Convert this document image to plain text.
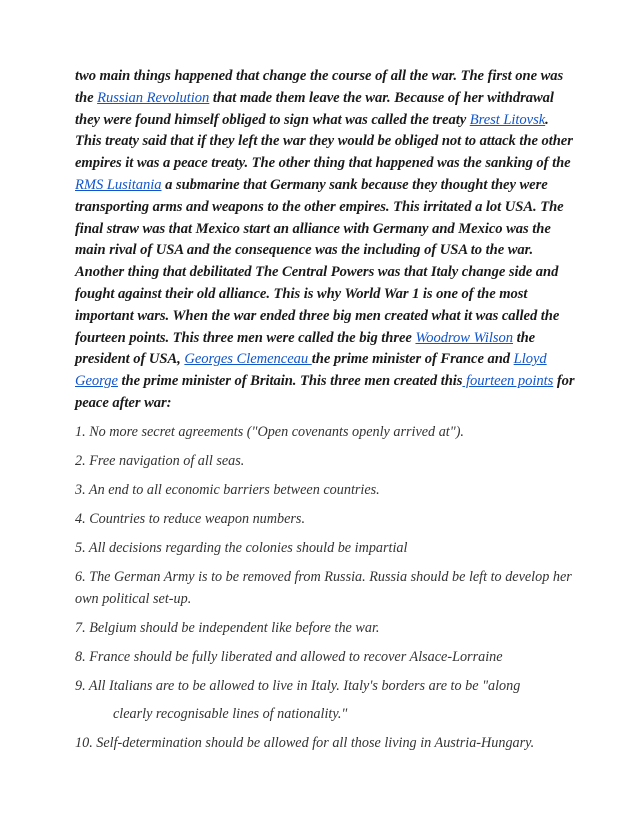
two main things happened that change the course of all the war. The first one was the Russian Revolution that made them leave the war. Because of her withdrawal they were found himself obliged to sign what was called the treaty Brest Litovsk. This treaty said that if they left the war they would be obliged not to attack the other empires it was a peace treaty. The other thing that happened was the sanking of the RMS Lusitania a submarine that Germany sank because they thought they were transporting arms and weapons to the other empires. This irritated a lot USA. The final straw was that Mexico start an alliance with Germany and Mexico was the main rival of USA and the consequence was the including of USA to the war. Another thing that debilitated The Central Powers was that Italy change side and fought against their old alliance. This is why World War 1 is one of the most important wars. When the war ended three big men created what it was called the fourteen points. This three men were called the big three Woodrow Wilson the president of USA, Georges Clemenceau the prime minister of France and Lloyd George the prime minister of Britain. This three men created this fourteen points for peace after war:

1. No more secret agreements ("Open covenants openly arrived at").
2. Free navigation of all seas.
3. An end to all economic barriers between countries.
4. Countries to reduce weapon numbers.
5. All decisions regarding the colonies should be impartial
6. The German Army is to be removed from Russia. Russia should be left to develop her own political set-up.
7. Belgium should be independent like before the war.
8. France should be fully liberated and allowed to recover Alsace-Lorraine
9. All Italians are to be allowed to live in Italy. Italy's borders are to be "along
clearly recognisable lines of nationality."
10. Self-determination should be allowed for all those living in Austria-Hungary.
